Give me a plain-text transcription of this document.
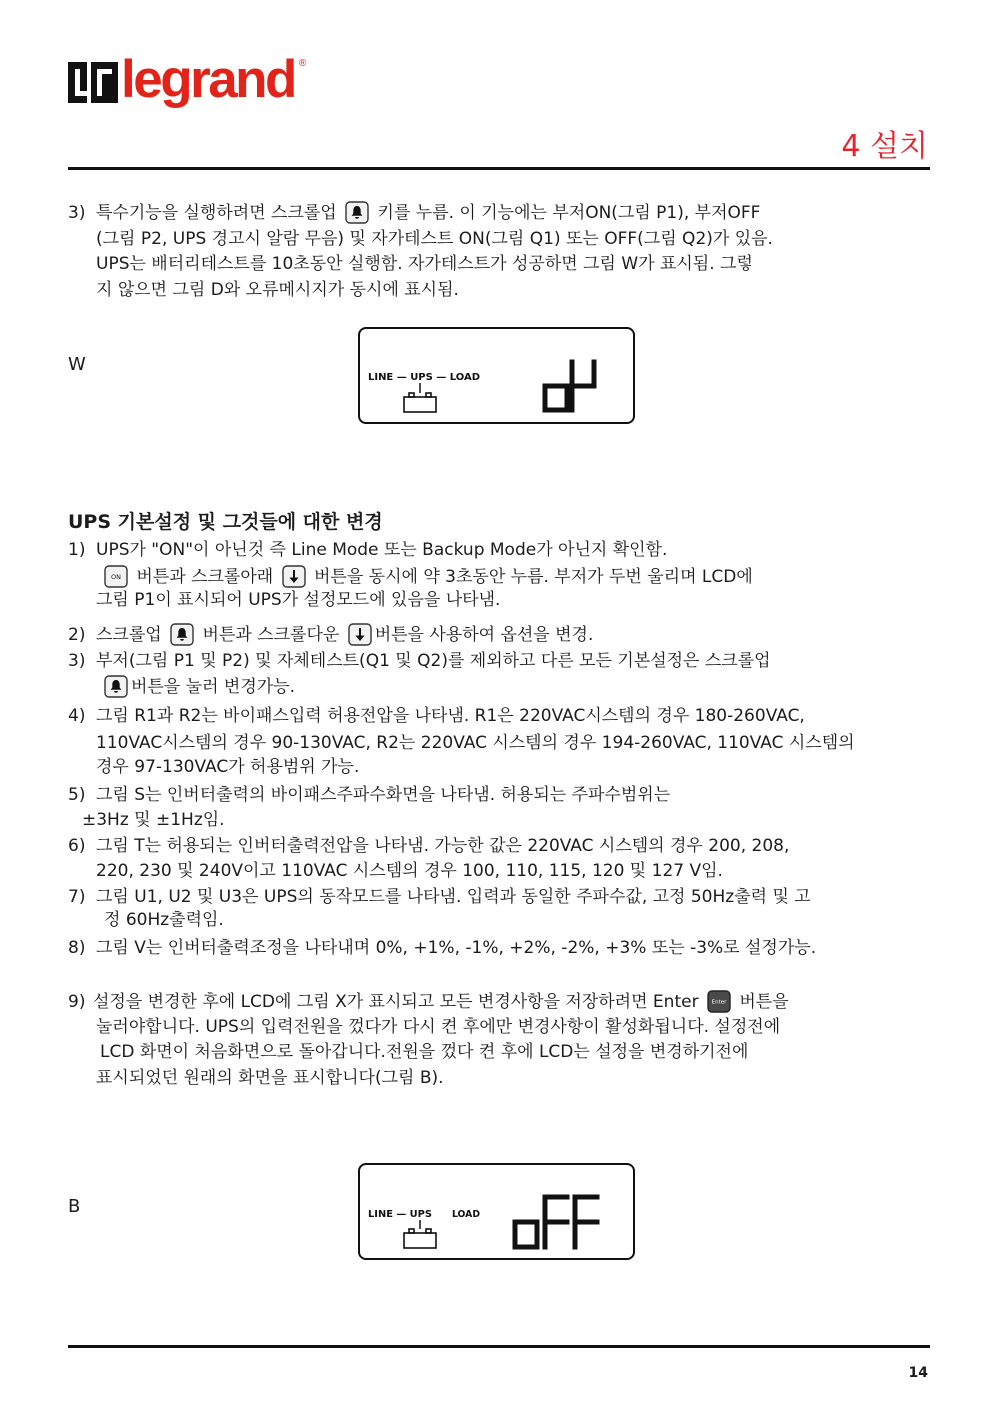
legrand ®
4 설치
3) 특수기능을 실행하려면 스크롤업 키를 누름. 이 기능에는 부저ON(그림 P1), 부저OFF
(그림 P2, UPS 경고시 알람 무음) 및 자가테스트 ON(그림 Q1) 또는 OFF(그림 Q2)가 있음.
UPS는 배터리테스트를 10초동안 실행함. 자가테스트가 성공하면 그림 W가 표시됨. 그렇
지 않으면 그림 D와 오류메시지가 동시에 표시됨.
W
LINE — UPS — LOAD
UPS 기본설정 및 그것들에 대한 변경
1) UPS가 "ON"이 아닌것 즉 Line Mode 또는 Backup Mode가 아닌지 확인함.
ON 버튼과 스크롤아래 버튼을 동시에 약 3초동안 누름. 부저가 두번 울리며 LCD에
그림 P1이 표시되어 UPS가 설정모드에 있음을 나타냄.
2) 스크롤업 버튼과 스크롤다운 버튼을 사용하여 옵션을 변경.
3) 부저(그림 P1 및 P2) 및 자체테스트(Q1 및 Q2)를 제외하고 다른 모든 기본설정은 스크롤업
버튼을 눌러 변경가능.
4) 그림 R1과 R2는 바이패스입력 허용전압을 나타냄. R1은 220VAC시스템의 경우 180-260VAC,
110VAC시스템의 경우 90-130VAC, R2는 220VAC 시스템의 경우 194-260VAC, 110VAC 시스템의
경우 97-130VAC가 허용범위 가능.
5) 그림 S는 인버터출력의 바이패스주파수화면을 나타냄. 허용되는 주파수범위는
±3Hz 및 ±1Hz임.
6) 그림 T는 허용되는 인버터출력전압을 나타냄. 가능한 값은 220VAC 시스템의 경우 200, 208,
220, 230 및 240V이고 110VAC 시스템의 경우 100, 110, 115, 120 및 127 V임.
7) 그림 U1, U2 및 U3은 UPS의 동작모드를 나타냄. 입력과 동일한 주파수값, 고정 50Hz출력 및 고
정 60Hz출력임.
8) 그림 V는 인버터출력조정을 나타내며 0%, +1%, -1%, +2%, -2%, +3% 또는 -3%로 설정가능.
9) 설정을 변경한 후에 LCD에 그림 X가 표시되고 모든 변경사항을 저장하려면 Enter Enter 버튼을
눌러야합니다. UPS의 입력전원을 껐다가 다시 켠 후에만 변경사항이 활성화됩니다. 설정전에
LCD 화면이 처음화면으로 돌아갑니다.전원을 껐다 켠 후에 LCD는 설정을 변경하기전에
표시되었던 원래의 화면을 표시합니다(그림 B).
B	LINE — UPS LOAD
14
